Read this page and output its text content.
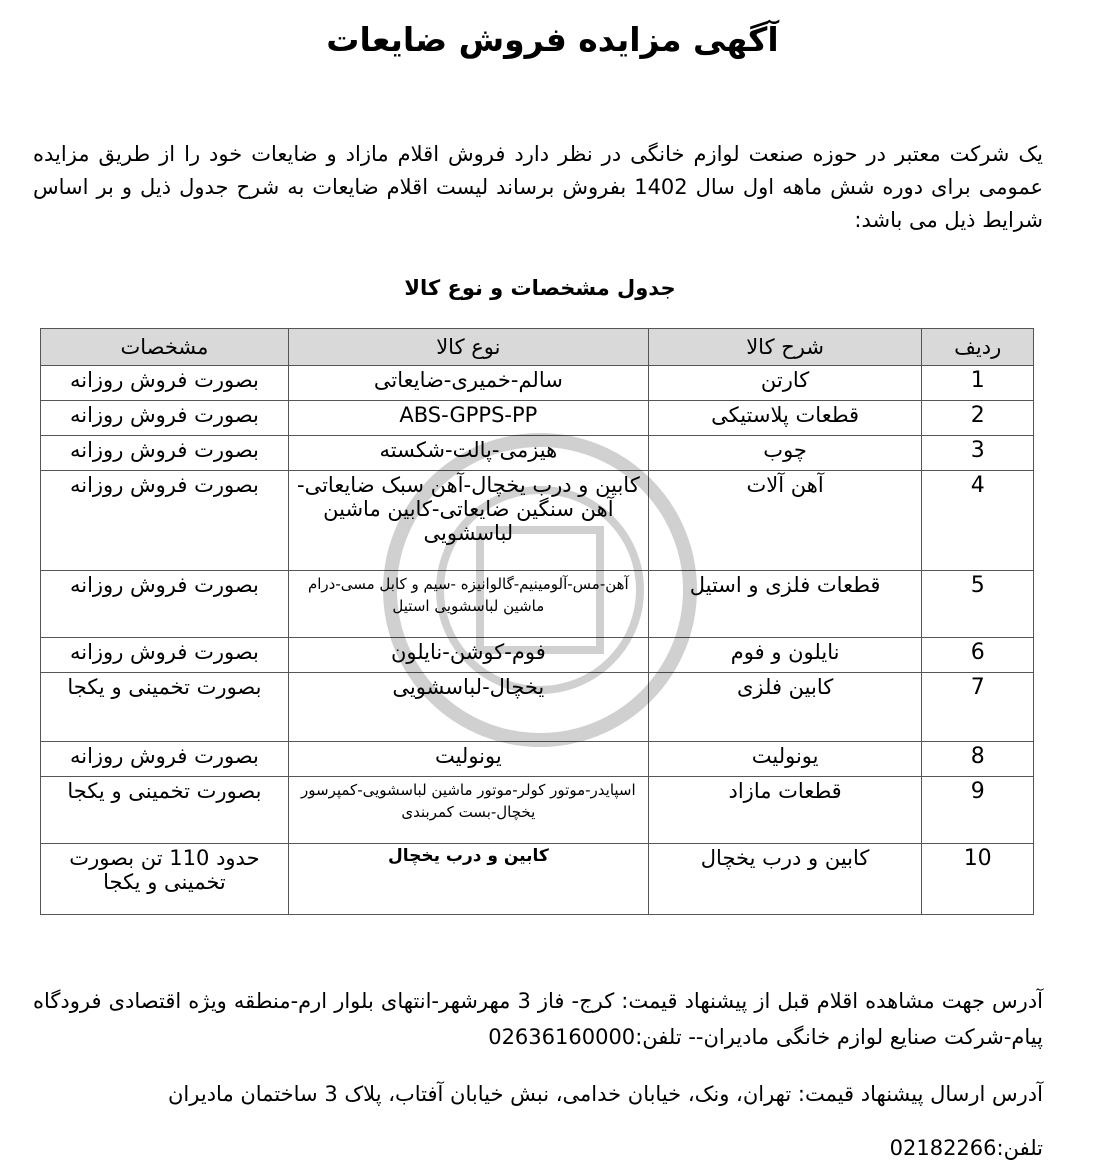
آگهی مزایده فروش ضایعات
یک شرکت معتبر در حوزه صنعت لوازم خانگی در نظر دارد فروش اقلام مازاد و ضایعات خود را از طریق مزایده عمومی برای دوره شش ماهه اول سال 1402 بفروش برساند لیست اقلام ضایعات به شرح جدول ذیل و بر اساس شرایط ذیل می باشد:
جدول مشخصات و نوع کالا
ردیف	شرح کالا	نوع کالا	مشخصات
1	کارتن	سالم-خمیری-ضایعاتی	بصورت فروش روزانه
2	قطعات پلاستیکی	ABS-GPPS-PP	بصورت فروش روزانه
3	چوب	هیزمی-پالت-شکسته	بصورت فروش روزانه
4	آهن آلات	کابین و درب یخچال-آهن سبک ضایعاتی-آهن سنگین ضایعاتی-کابین ماشین لباسشویی	بصورت فروش روزانه
5	قطعات فلزی و استیل	آهن-مس-آلومینیم-گالوانیزه -سیم و کابل مسی-درام ماشین لباسشویی استیل	بصورت فروش روزانه
6	نایلون و فوم	فوم-کوشن-نایلون	بصورت فروش روزانه
7	کابین فلزی	یخچال-لباسشویی	بصورت تخمینی و یکجا
8	یونولیت	یونولیت	بصورت فروش روزانه
9	قطعات مازاد	اسپایدر-موتور کولر-موتور ماشین لباسشویی-کمپرسور یخچال-بست کمربندی	بصورت تخمینی و یکجا
10	کابین و درب یخچال	کابین و درب یخچال	حدود 110 تن بصورت تخمینی و یکجا
آدرس جهت مشاهده اقلام قبل از پیشنهاد قیمت: کرج- فاز 3 مهرشهر-انتهای بلوار ارم-منطقه ویژه اقتصادی فرودگاه پیام-شرکت صنایع لوازم خانگی مادیران-- تلفن:02636160000
آدرس ارسال پیشنهاد قیمت: تهران، ونک، خیابان خدامی، نبش خیابان آفتاب، پلاک 3 ساختمان مادیران
تلفن:02182266
